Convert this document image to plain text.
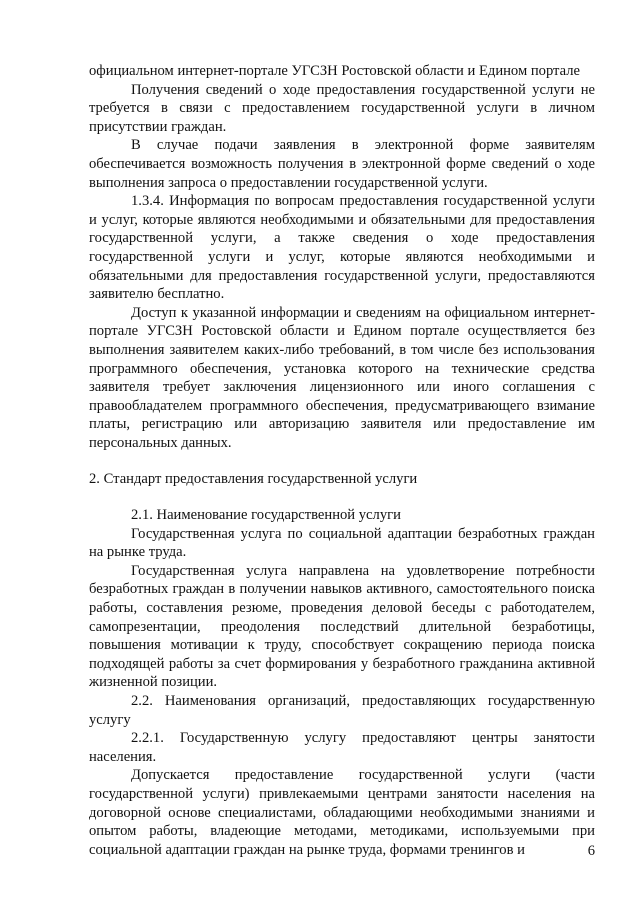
официальном интернет-портале УГСЗН Ростовской области и Едином портале

Получения сведений о ходе предоставления государственной услуги не требуется в связи с предоставлением государственной услуги в личном присутствии граждан.

В случае подачи заявления в электронной форме заявителям обеспечивается возможность получения в электронной форме сведений о ходе выполнения запроса о предоставлении государственной услуги.

1.3.4. Информация по вопросам предоставления государственной услуги и услуг, которые являются необходимыми и обязательными для предоставления государственной услуги, а также сведения о ходе предоставления государственной услуги и услуг, которые являются необходимыми и обязательными для предоставления государственной услуги, предоставляются заявителю бесплатно.

Доступ к указанной информации и сведениям на официальном интернет-портале УГСЗН Ростовской области и Едином портале осуществляется без выполнения заявителем каких-либо требований, в том числе без использования программного обеспечения, установка которого на технические средства заявителя требует заключения лицензионного или иного соглашения с правообладателем программного обеспечения, предусматривающего взимание платы, регистрацию или авторизацию заявителя или предоставление им персональных данных.

2. Стандарт предоставления государственной услуги

2.1. Наименование государственной услуги

Государственная услуга по социальной адаптации безработных граждан на рынке труда.

Государственная услуга направлена на удовлетворение потребности безработных граждан в получении навыков активного, самостоятельного поиска работы, составления резюме, проведения деловой беседы с работодателем, самопрезентации, преодоления последствий длительной безработицы, повышения мотивации к труду, способствует сокращению периода поиска подходящей работы за счет формирования у безработного гражданина активной жизненной позиции.

2.2. Наименования организаций, предоставляющих государственную услугу

2.2.1. Государственную услугу предоставляют центры занятости населения.

Допускается предоставление государственной услуги (части государственной услуги) привлекаемыми центрами занятости населения на договорной основе специалистами, обладающими необходимыми знаниями и опытом работы, владеющие методами, методиками, используемыми при социальной адаптации граждан на рынке труда, формами тренингов и	6
